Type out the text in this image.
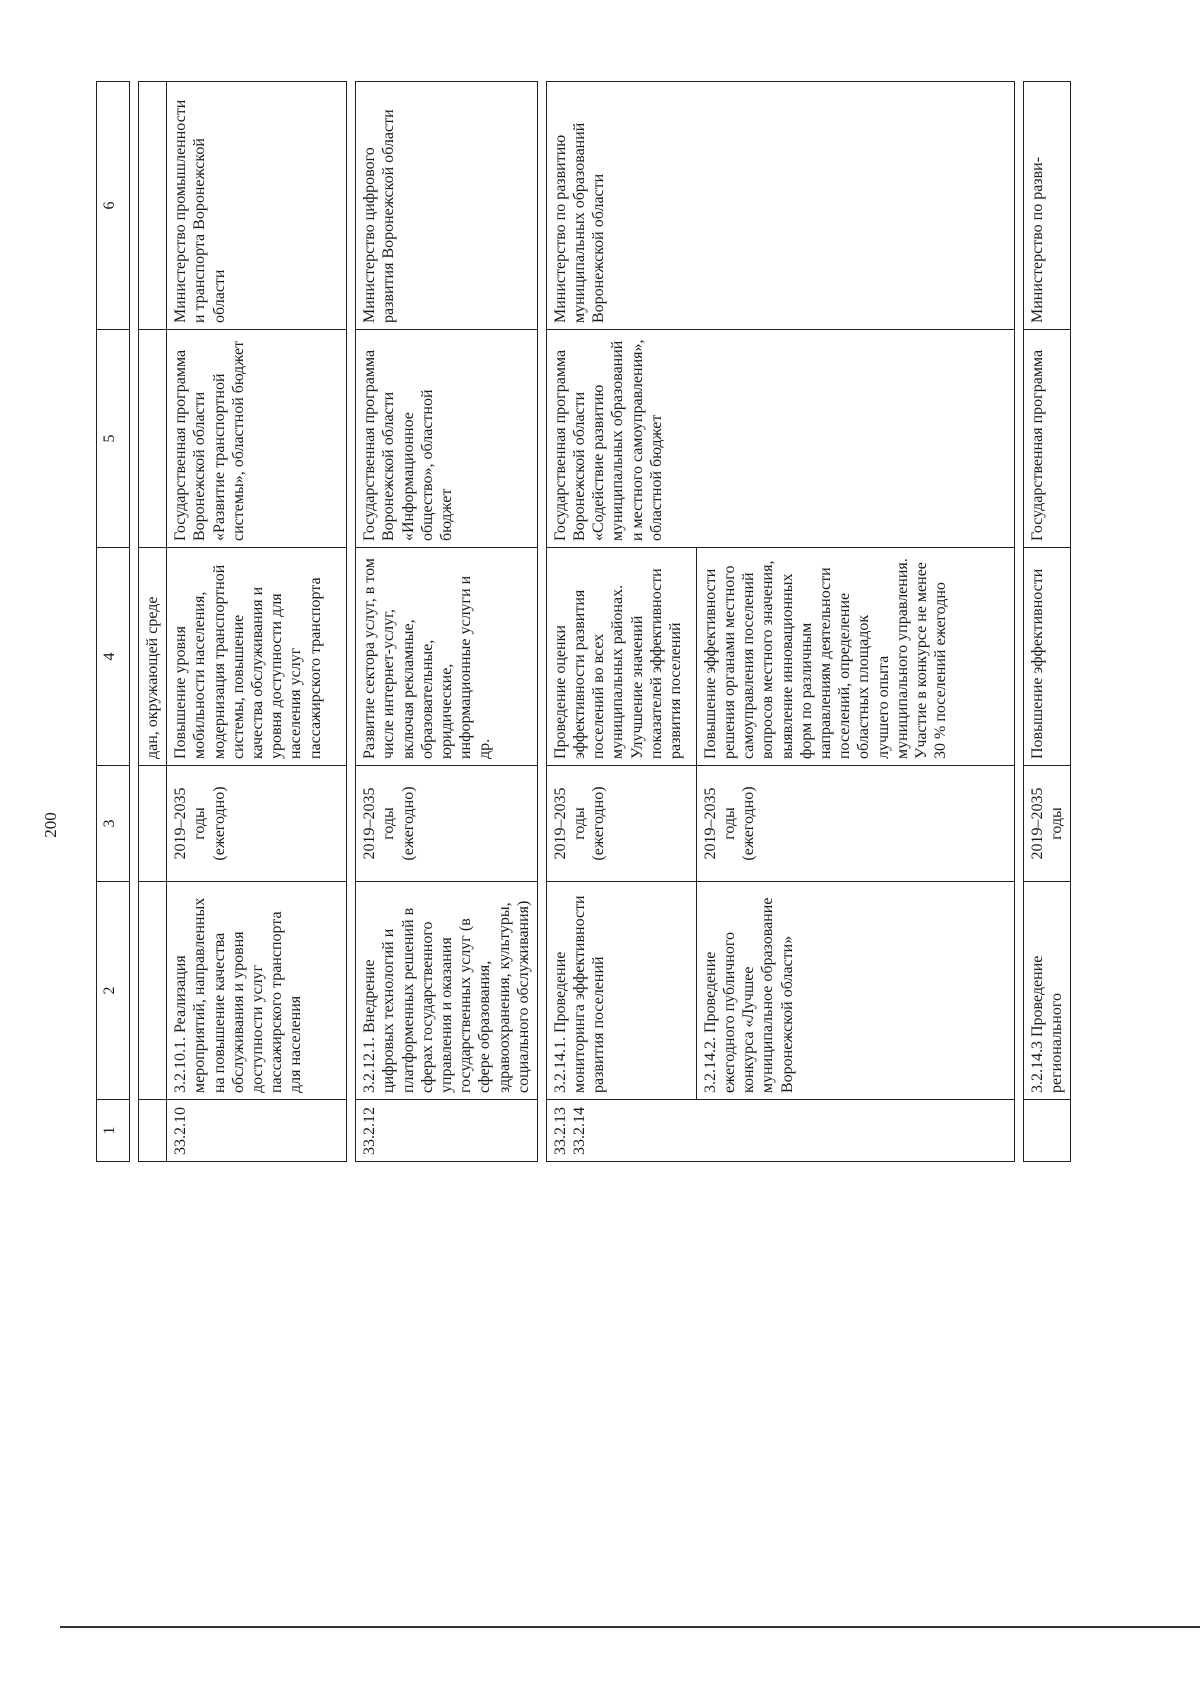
200
1	2	3	4	5	6

			дан, окружающей среде		
33.2.10	3.2.10.1. Реализация мероприятий, направленных на повышение качества обслуживания и уровня доступности услуг пассажирского транспорта для населения	2019–2035 годы (ежегодно)	Повышение уровня мобильности населения, модернизация транспортной системы, повышение качества обслуживания и уровня доступности для населения услуг пассажирского транспорта	Государственная программа Воронежской области «Развитие транспортной системы», областной бюджет	Министерство промышленности и транспорта Воронежской области

33.2.12	3.2.12.1. Внедрение цифровых технологий и платформенных решений в сферах государственного управления и оказания государственных услуг (в сфере образования, здравоохранения, культуры, социального обслуживания)	2019–2035 годы (ежегодно)	Развитие сектора услуг, в том числе интернет-услуг, включая рекламные, образовательные, юридические, информационные услуги и др.	Государственная программа Воронежской области «Информационное общество», областной бюджет	Министерство цифрового развития Воронежской области

33.2.13
33.2.14	3.2.14.1. Проведение мониторинга эффективности развития поселений	2019–2035 годы (ежегодно)	Проведение оценки эффективности развития поселений во всех муниципальных районах. Улучшение значений показателей эффективности развития поселений	Государственная программа Воронежской области «Содействие развитию муниципальных образований и местного самоуправления», областной бюджет	Министерство по развитию муниципальных образований Воронежской области
	3.2.14.2. Проведение ежегодного публичного конкурса «Лучшее муниципальное образование Воронежской области»	2019–2035 годы (ежегодно)	Повышение эффективности решения органами местного самоуправления поселений вопросов местного значения, выявление инновационных форм по различным направлениям деятельности поселений, определение областных площадок лучшего опыта муниципального управления.
Участие в конкурсе не менее 30 % поселений ежегодно		

	3.2.14.3 Проведение регионального	2019–2035 годы	Повышение эффективности	Государственная программа	Министерство по разви-
